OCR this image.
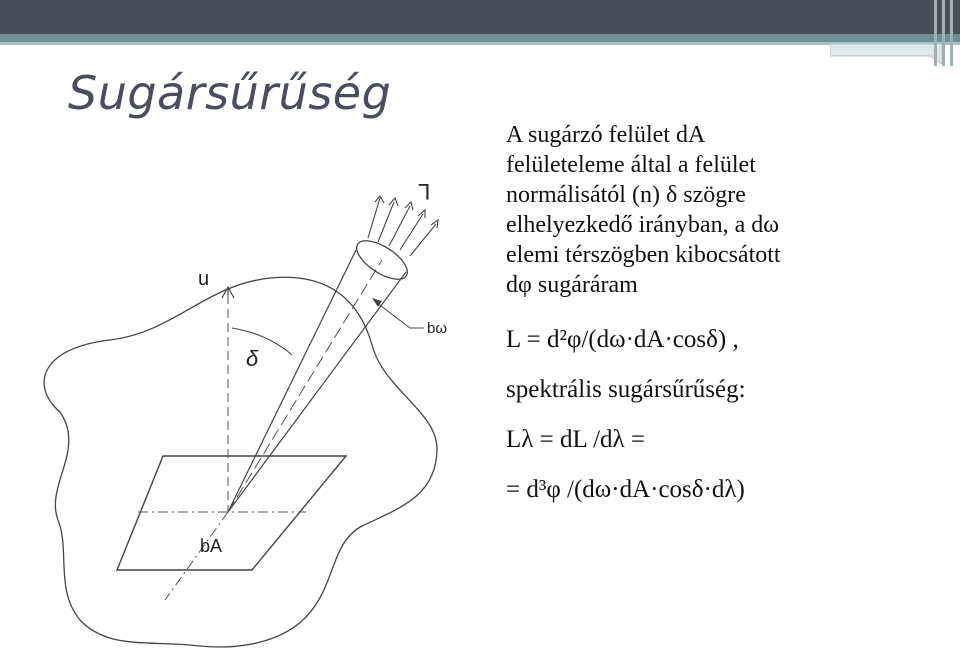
Sugársűrűség
L
n
δ
bω
bA
A sugárzó felület dA
felületeleme által a felület
normálisától (n) δ szögre
elhelyezkedő irányban, a dω
elemi térszögben kibocsátott
dφ sugáráram
L = d²φ/(dω·dA·cosδ) ,
spektrális sugársűrűség:
Lλ = dL /dλ =
= d³φ /(dω·dA·cosδ·dλ)
